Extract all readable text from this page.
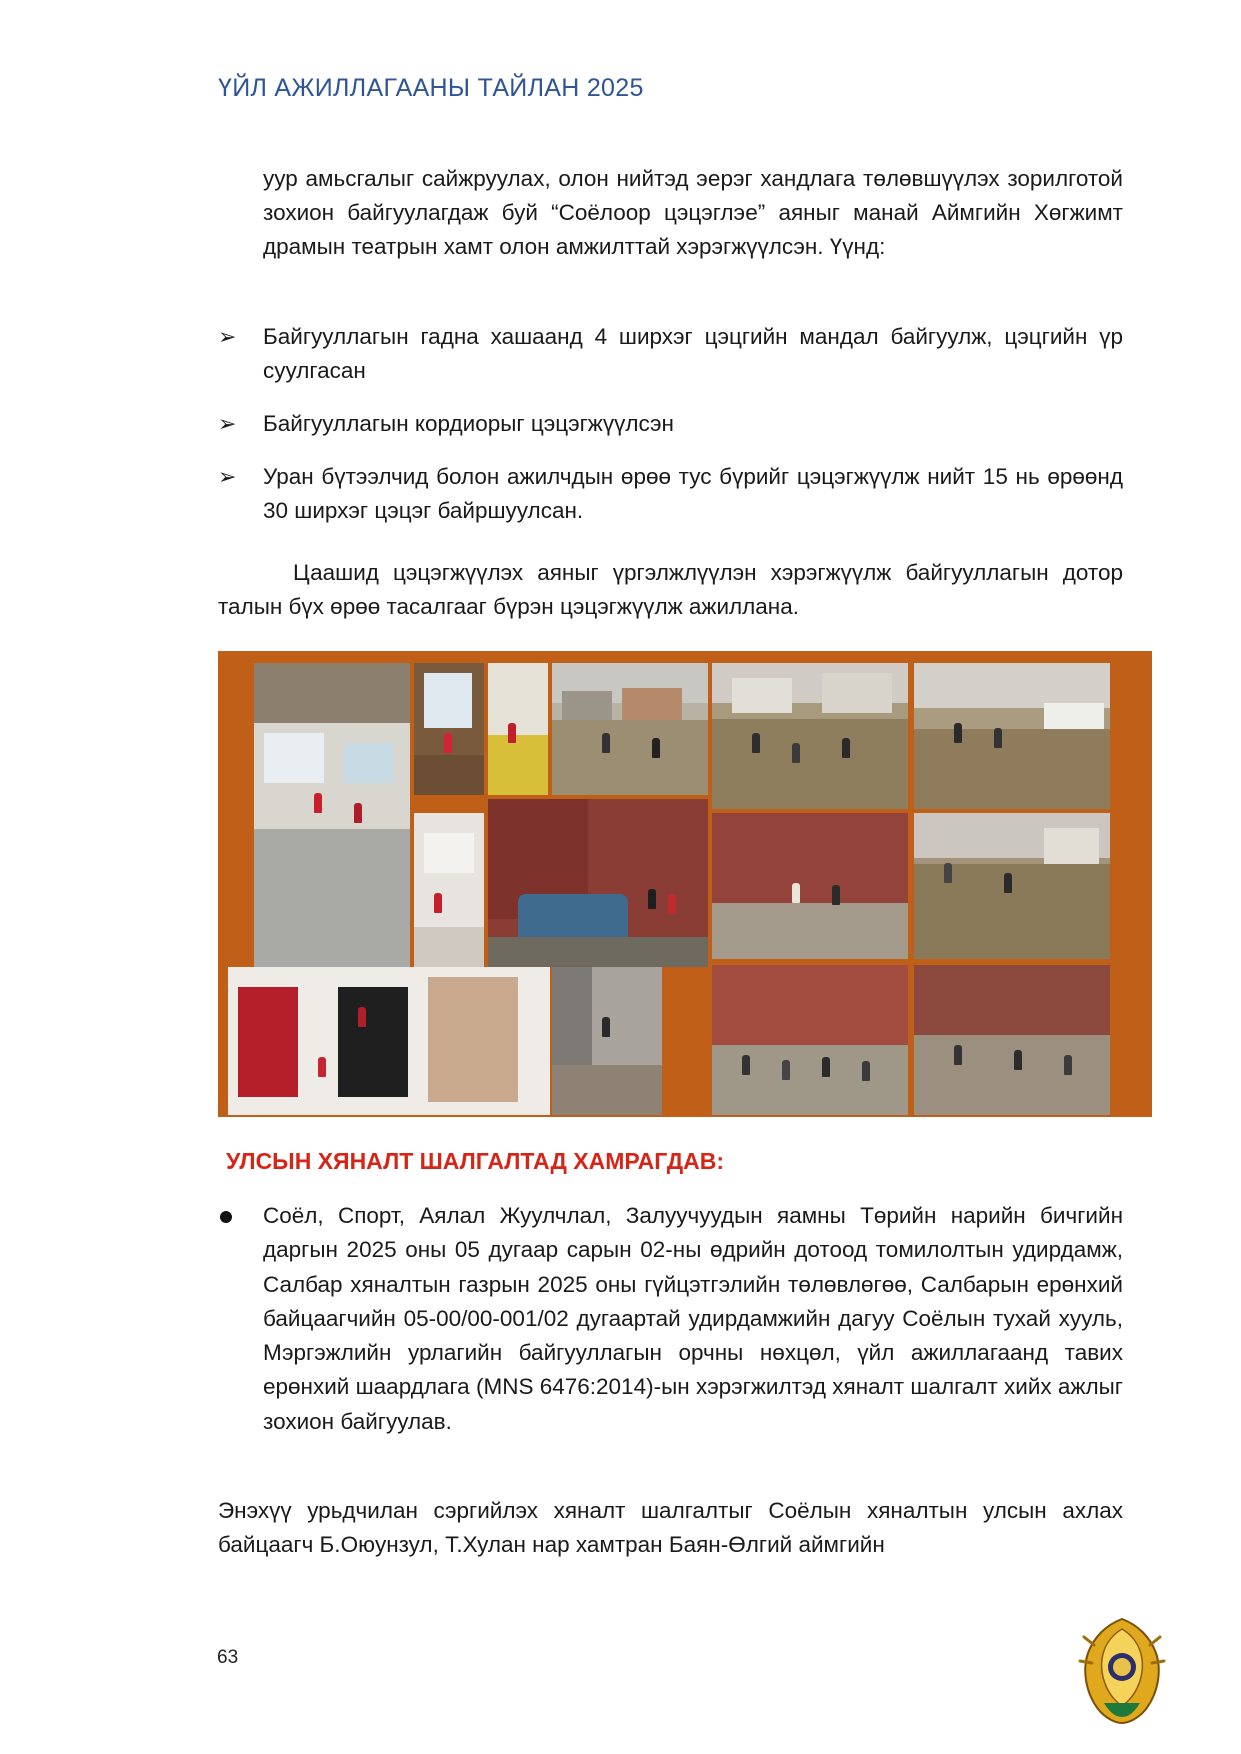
ҮЙЛ АЖИЛЛАГААНЫ ТАЙЛАН 2025

уур амьсгалыг сайжруулах, олон нийтэд эерэг хандлага төлөвшүүлэх зорилготой зохион байгуулагдаж буй “Соёлоор цэцэглэе” аяныг манай Аймгийн Хөгжимт драмын театрын хамт олон амжилттай хэрэгжүүлсэн. Үүнд:

➢	Байгууллагын гадна хашаанд 4 ширхэг цэцгийн мандал байгуулж, цэцгийн үр суулгасан
➢	Байгууллагын кордиорыг цэцэгжүүлсэн
➢	Уран бүтээлчид болон ажилчдын өрөө тус бүрийг цэцэгжүүлж нийт 15 нь өрөөнд 30 ширхэг цэцэг байршуулсан.

Цаашид цэцэгжүүлэх аяныг үргэлжлүүлэн хэрэгжүүлж байгууллагын дотор талын бүх өрөө тасалгааг бүрэн цэцэгжүүлж ажиллана.

УЛСЫН ХЯНАЛТ ШАЛГАЛТАД ХАМРАГДАВ:
Соёл, Спорт, Аялал Жуулчлал, Залуучуудын яамны Төрийн нарийн бичгийн даргын 2025 оны 05 дугаар сарын 02-ны өдрийн дотоод томилолтын удирдамж, Салбар хяналтын газрын 2025 оны гүйцэтгэлийн төлөвлөгөө, Салбарын ерөнхий байцаагчийн 05-00/00-001/02 дугаартай удирдамжийн дагуу Соёлын тухай хууль, Мэргэжлийн урлагийн байгууллагын орчны нөхцөл, үйл ажиллагаанд тавих ерөнхий шаардлага (MNS 6476:2014)-ын хэрэгжилтэд хяналт шалгалт хийх ажлыг зохион байгуулав.

Энэхүү урьдчилан сэргийлэх хяналт шалгалтыг Соёлын хяналтын улсын ахлах байцаагч Б.Оюунзул, Т.Хулан нар хамтран Баян-Өлгий аймгийн

63
